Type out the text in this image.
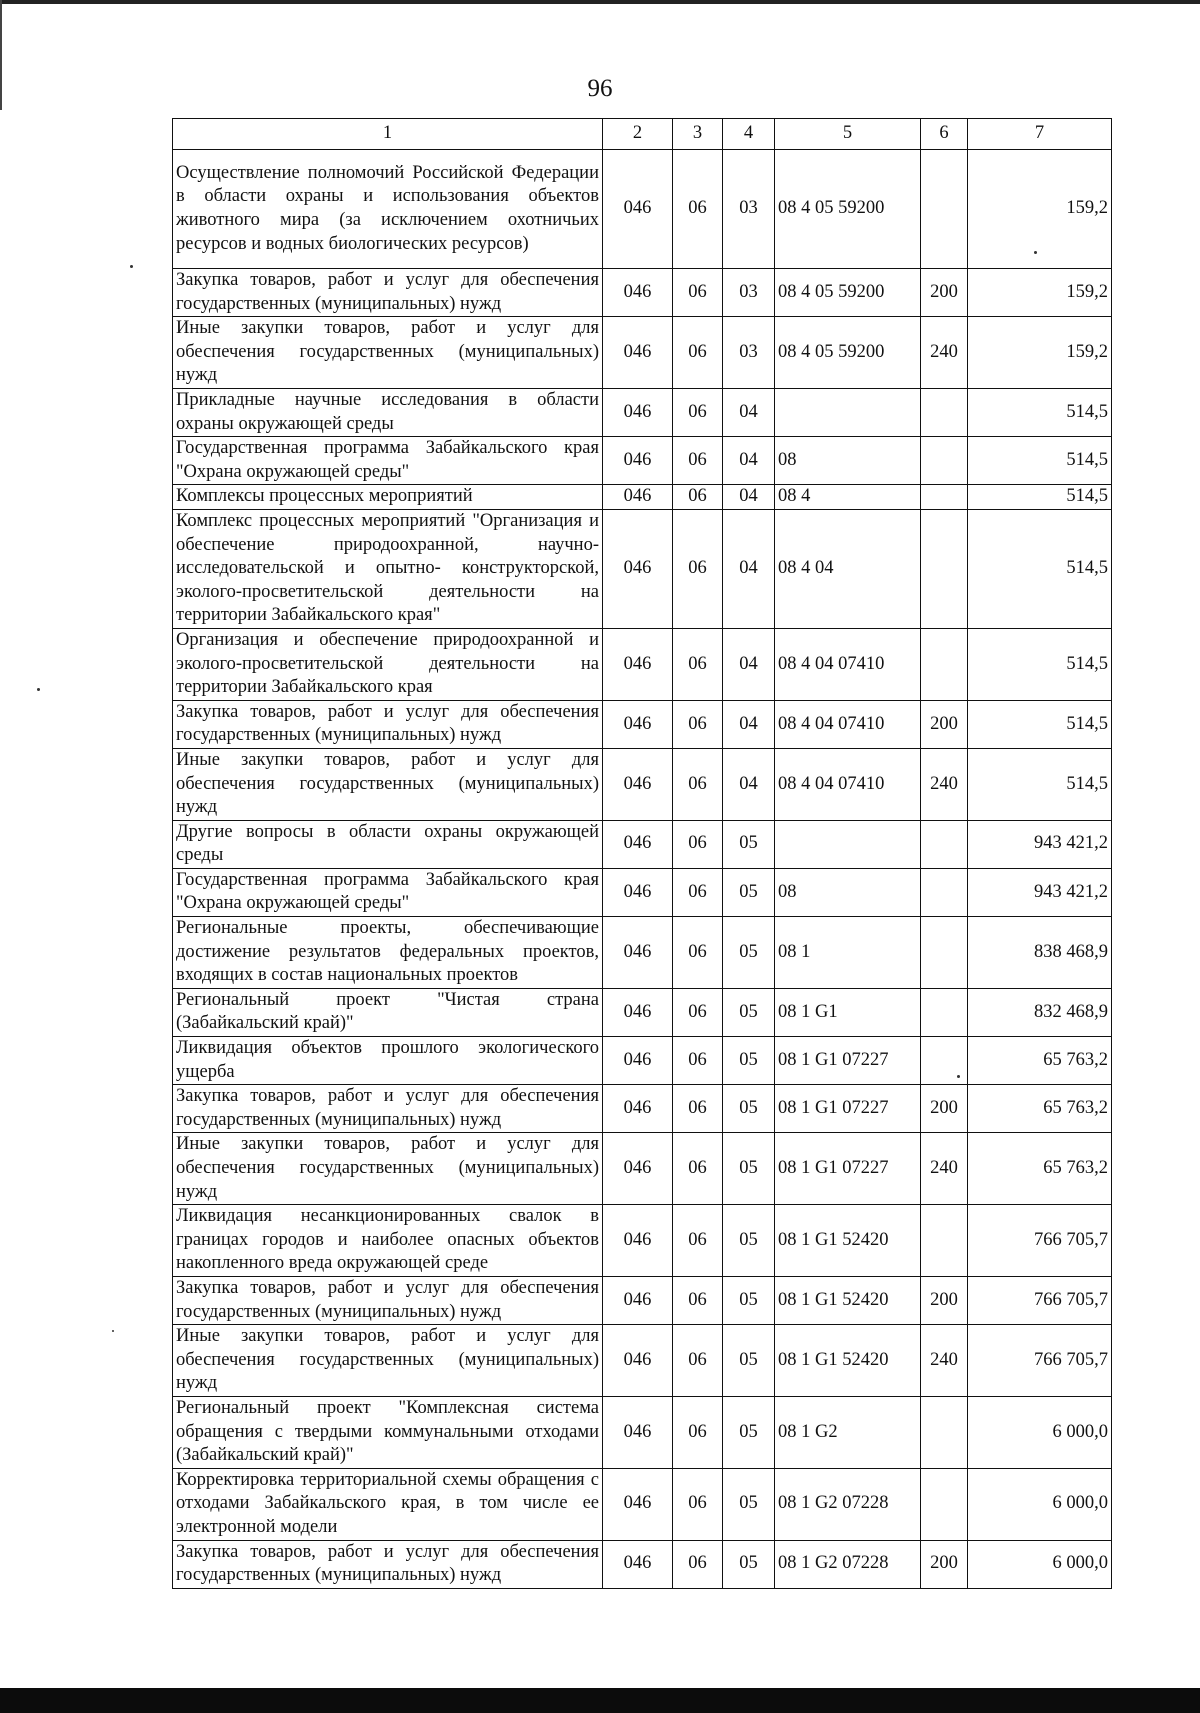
96
1	2	3	4	5	6	7
Осуществление полномочий Российской Федерации в области охраны и использования объектов животного мира (за исключением охотничьих ресурсов и водных биологических ресурсов)	046	06	03	08 4 05 59200		159,2
Закупка товаров, работ и услуг для обеспечения государственных (муниципальных) нужд	046	06	03	08 4 05 59200	200	159,2
Иные закупки товаров, работ и услуг для обеспечения государственных (муниципальных) нужд	046	06	03	08 4 05 59200	240	159,2
Прикладные научные исследования в области охраны окружающей среды	046	06	04			514,5
Государственная программа Забайкальского края "Охрана окружающей среды"	046	06	04	08		514,5
Комплексы процессных мероприятий	046	06	04	08 4		514,5
Комплекс процессных мероприятий "Организация и обеспечение природоохранной, научно-исследовательской и опытно- конструкторской, эколого-просветительской деятельности на территории Забайкальского края"	046	06	04	08 4 04		514,5
Организация и обеспечение природоохранной и эколого-просветительской деятельности на территории Забайкальского края	046	06	04	08 4 04 07410		514,5
Закупка товаров, работ и услуг для обеспечения государственных (муниципальных) нужд	046	06	04	08 4 04 07410	200	514,5
Иные закупки товаров, работ и услуг для обеспечения государственных (муниципальных) нужд	046	06	04	08 4 04 07410	240	514,5
Другие вопросы в области охраны окружающей среды	046	06	05			943 421,2
Государственная программа Забайкальского края "Охрана окружающей среды"	046	06	05	08		943 421,2
Региональные проекты, обеспечивающие достижение результатов федеральных проектов, входящих в состав национальных проектов	046	06	05	08 1		838 468,9
Региональный проект "Чистая страна (Забайкальский край)"	046	06	05	08 1 G1		832 468,9
Ликвидация объектов прошлого экологического ущерба	046	06	05	08 1 G1 07227		65 763,2
Закупка товаров, работ и услуг для обеспечения государственных (муниципальных) нужд	046	06	05	08 1 G1 07227	200	65 763,2
Иные закупки товаров, работ и услуг для обеспечения государственных (муниципальных) нужд	046	06	05	08 1 G1 07227	240	65 763,2
Ликвидация несанкционированных свалок в границах городов и наиболее опасных объектов накопленного вреда окружающей среде	046	06	05	08 1 G1 52420		766 705,7
Закупка товаров, работ и услуг для обеспечения государственных (муниципальных) нужд	046	06	05	08 1 G1 52420	200	766 705,7
Иные закупки товаров, работ и услуг для обеспечения государственных (муниципальных) нужд	046	06	05	08 1 G1 52420	240	766 705,7
Региональный проект "Комплексная система обращения с твердыми коммунальными отходами (Забайкальский край)"	046	06	05	08 1 G2		6 000,0
Корректировка территориальной схемы обращения с отходами Забайкальского края, в том числе ее электронной модели	046	06	05	08 1 G2 07228		6 000,0
Закупка товаров, работ и услуг для обеспечения государственных (муниципальных) нужд	046	06	05	08 1 G2 07228	200	6 000,0
